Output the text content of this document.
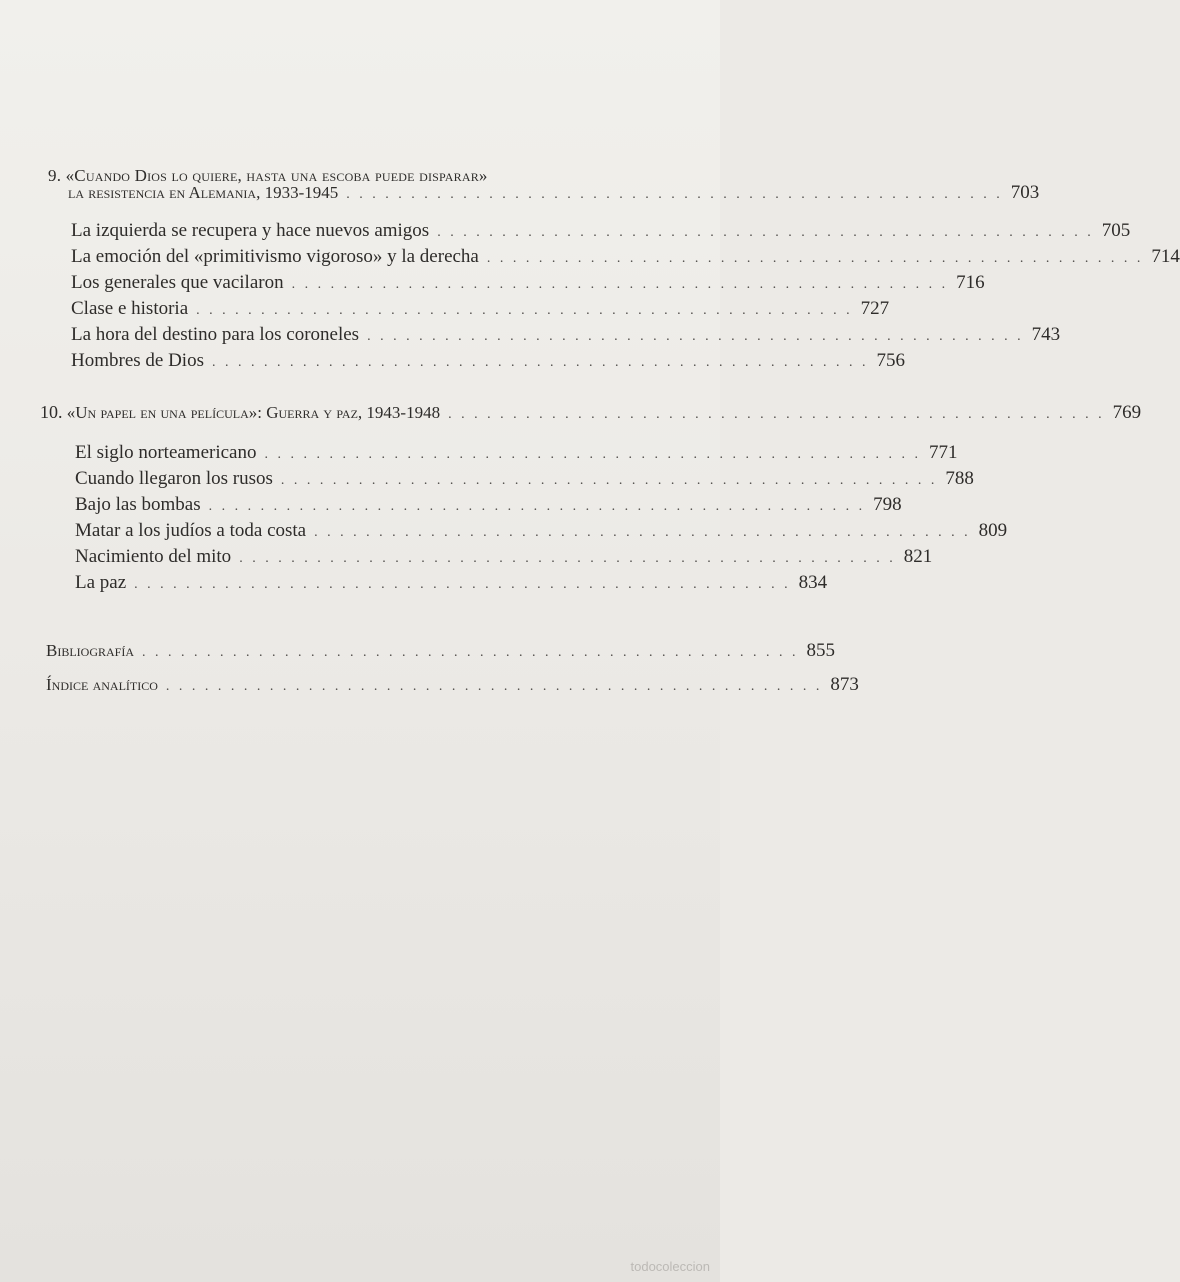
9. «Cuando Dios lo quiere, hasta una escoba puede disparar»
la resistencia en Alemania, 1933-1945 . . . . . . . . . . . . . . . . . . . . . . . . . . . . . . . . . . . . . . . . . . . . . . . . . . . 703
La izquierda se recupera y hace nuevos amigos . . . . . . . . . . . . . . . . . . . . . . . . . . . . . . . . . . . . . . . . . . . . . . . . . . . 705
La emoción del «primitivismo vigoroso» y la derecha . . . . . . . . . . . . . . . . . . . . . . . . . . . . . . . . . . . . . . . . . . . . . . . . . . . 714
Los generales que vacilaron . . . . . . . . . . . . . . . . . . . . . . . . . . . . . . . . . . . . . . . . . . . . . . . . . . . 716
Clase e historia . . . . . . . . . . . . . . . . . . . . . . . . . . . . . . . . . . . . . . . . . . . . . . . . . . . 727
La hora del destino para los coroneles . . . . . . . . . . . . . . . . . . . . . . . . . . . . . . . . . . . . . . . . . . . . . . . . . . . 743
Hombres de Dios . . . . . . . . . . . . . . . . . . . . . . . . . . . . . . . . . . . . . . . . . . . . . . . . . . . 756
10. «Un papel en una película»: Guerra y paz, 1943-1948 . . . . . . . . . . . . . . . . . . . . . . . . . . . . . . . . . . . . . . . . . . . . . . . . . . . 769
El siglo norteamericano . . . . . . . . . . . . . . . . . . . . . . . . . . . . . . . . . . . . . . . . . . . . . . . . . . . 771
Cuando llegaron los rusos . . . . . . . . . . . . . . . . . . . . . . . . . . . . . . . . . . . . . . . . . . . . . . . . . . . 788
Bajo las bombas . . . . . . . . . . . . . . . . . . . . . . . . . . . . . . . . . . . . . . . . . . . . . . . . . . . 798
Matar a los judíos a toda costa . . . . . . . . . . . . . . . . . . . . . . . . . . . . . . . . . . . . . . . . . . . . . . . . . . . 809
Nacimiento del mito . . . . . . . . . . . . . . . . . . . . . . . . . . . . . . . . . . . . . . . . . . . . . . . . . . . 821
La paz . . . . . . . . . . . . . . . . . . . . . . . . . . . . . . . . . . . . . . . . . . . . . . . . . . . 834
Bibliografía . . . . . . . . . . . . . . . . . . . . . . . . . . . . . . . . . . . . . . . . . . . . . . . . . . . 855
Índice analítico . . . . . . . . . . . . . . . . . . . . . . . . . . . . . . . . . . . . . . . . . . . . . . . . . . . 873
todocoleccion
